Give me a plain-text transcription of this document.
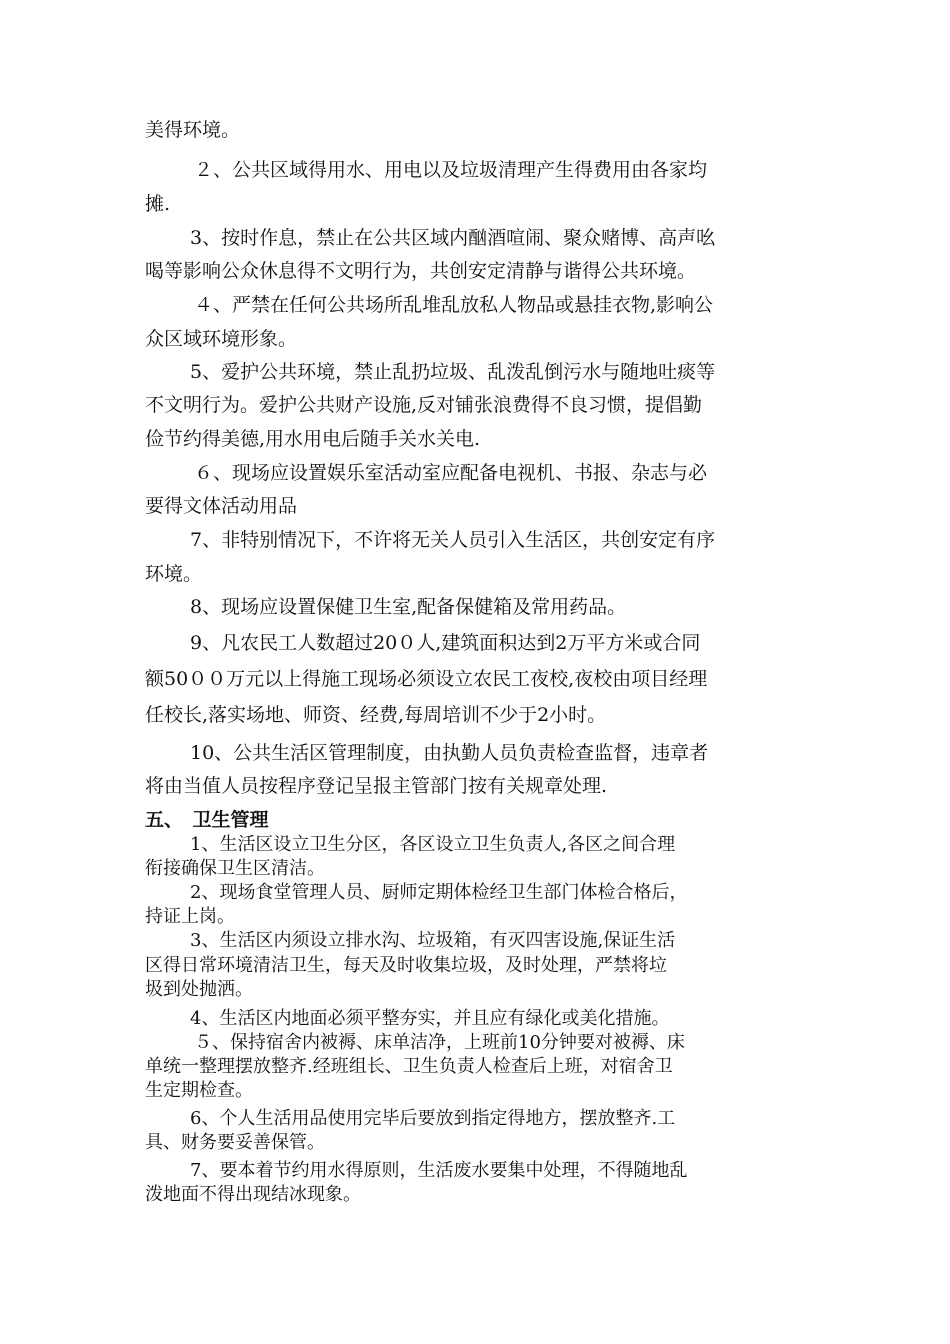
美得环境。
２、公共区域得用水、用电以及垃圾清理产生得费用由各家均
摊.
3、按时作息，禁止在公共区域内酗酒喧闹、聚众赌博、高声吆
喝等影响公众休息得不文明行为，共创安定清静与谐得公共环境。
４、严禁在任何公共场所乱堆乱放私人物品或悬挂衣物,影响公
众区域环境形象。
5、爱护公共环境，禁止乱扔垃圾、乱泼乱倒污水与随地吐痰等
不文明行为。爱护公共财产设施,反对铺张浪费得不良习惯，提倡勤
俭节约得美德,用水用电后随手关水关电.
６、现场应设置娱乐室活动室应配备电视机、书报、杂志与必
要得文体活动用品
7、非特别情况下，不许将无关人员引入生活区，共创安定有序
环境。
8、现场应设置保健卫生室,配备保健箱及常用药品。
9、凡农民工人数超过20０人,建筑面积达到2万平方米或合同
额50００万元以上得施工现场必须设立农民工夜校,夜校由项目经理
任校长,落实场地、师资、经费,每周培训不少于2小时。
10、公共生活区管理制度，由执勤人员负责检查监督，违章者
将由当值人员按程序登记呈报主管部门按有关规章处理.
五、　卫生管理
1、生活区设立卫生分区，各区设立卫生负责人,各区之间合理
衔接确保卫生区清洁。
2、现场食堂管理人员、厨师定期体检经卫生部门体检合格后，
持证上岗。
3、生活区内须设立排水沟、垃圾箱，有灭四害设施,保证生活
区得日常环境清洁卫生，每天及时收集垃圾，及时处理，严禁将垃
圾到处抛洒。
4、生活区内地面必须平整夯实，并且应有绿化或美化措施。
５、保持宿舍内被褥、床单洁净，上班前10分钟要对被褥、床
单统一整理摆放整齐.经班组长、卫生负责人检查后上班，对宿舍卫
生定期检查。
6、个人生活用品使用完毕后要放到指定得地方，摆放整齐.工
具、财务要妥善保管。
7、要本着节约用水得原则，生活废水要集中处理，不得随地乱
泼地面不得出现结冰现象。
